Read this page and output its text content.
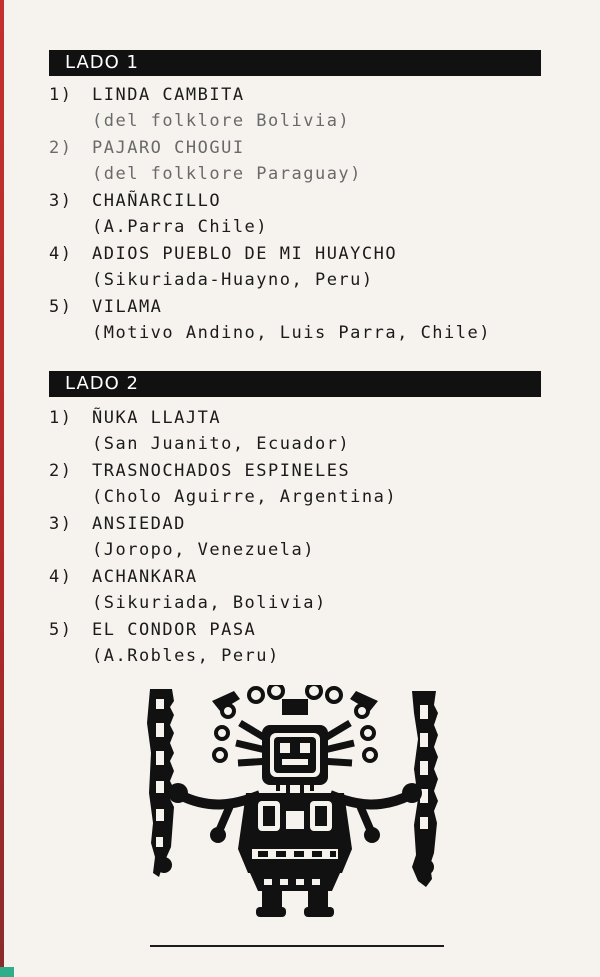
LADO 1
1) LINDA CAMBITA
(del folklore Bolivia)
2) PAJARO CHOGUI
(del folklore Paraguay)
3) CHAÑARCILLO
(A.Parra Chile)
4) ADIOS PUEBLO DE MI HUAYCHO
(Sikuriada-Huayno, Peru)
5) VILAMA
(Motivo Andino, Luis Parra, Chile)
LADO 2
1) ÑUKA LLAJTA
(San Juanito, Ecuador)
2) TRASNOCHADOS ESPINELES
(Cholo Aguirre, Argentina)
3) ANSIEDAD
(Joropo, Venezuela)
4) ACHANKARA
(Sikuriada, Bolivia)
5) EL CONDOR PASA
(A.Robles, Peru)
